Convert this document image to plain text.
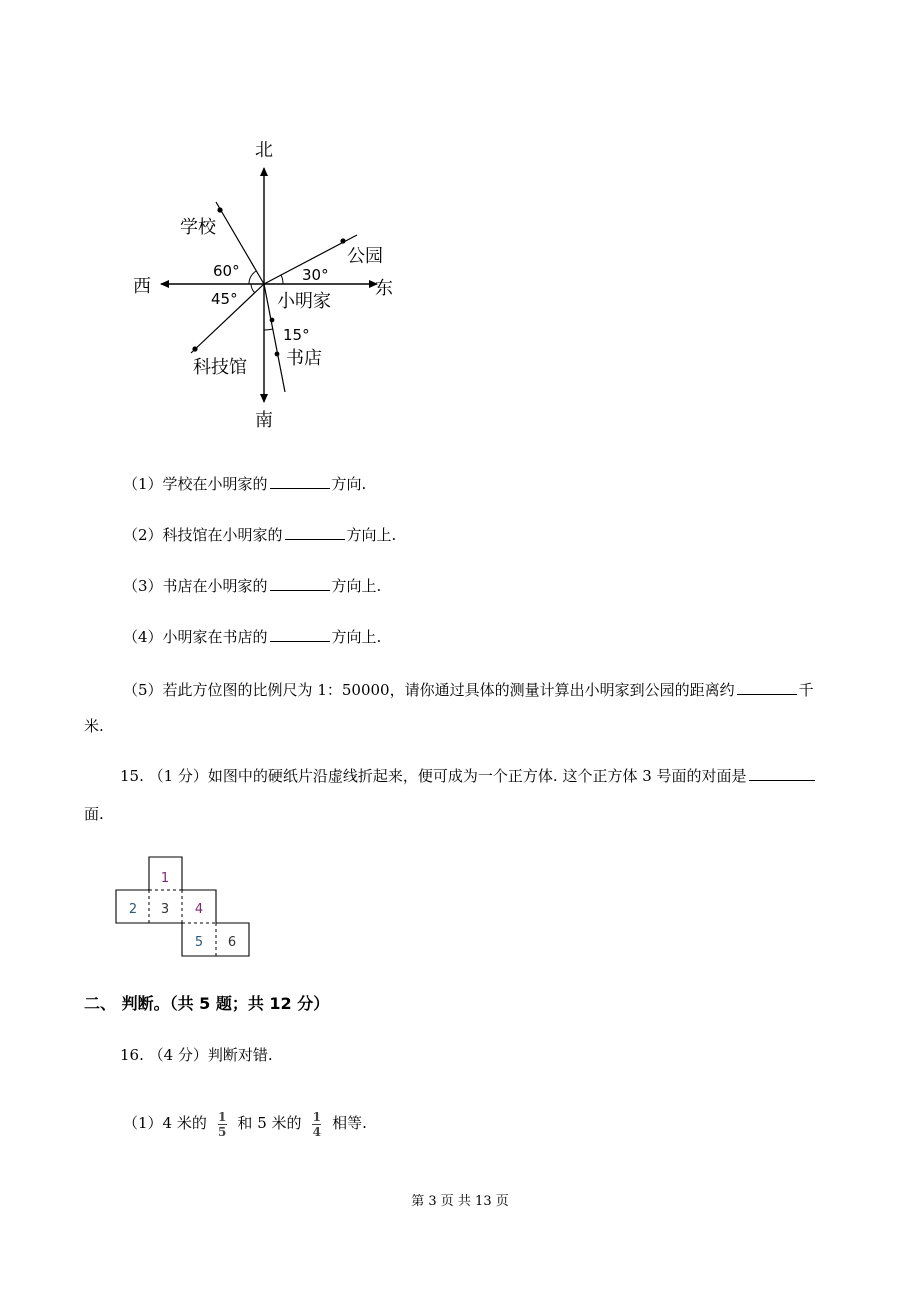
北
南
东
西
学校
公园
小明家
科技馆 书店
60°	30°
45°
15°
（1）学校在小明家的	方向.
（2）科技馆在小明家的	方向上.
（3）书店在小明家的	方向上.
（4）小明家在书店的	方向上.
（5）若此方位图的比例尺为 1：50000，请你通过具体的测量计算出小明家到公园的距离约	千
米.
15. （1 分）如图中的硬纸片沿虚线折起来，便可成为一个正方体. 这个正方体 3 号面的对面是
面.
1
2 3 4
5 6
二、 判断。（共 5 题；共 12 分）
16. （4 分）判断对错.
（1）4 米的 $\frac{1}{5}$ 和 5 米的 $\frac{1}{4}$ 相等.
第 3 页 共 13 页
